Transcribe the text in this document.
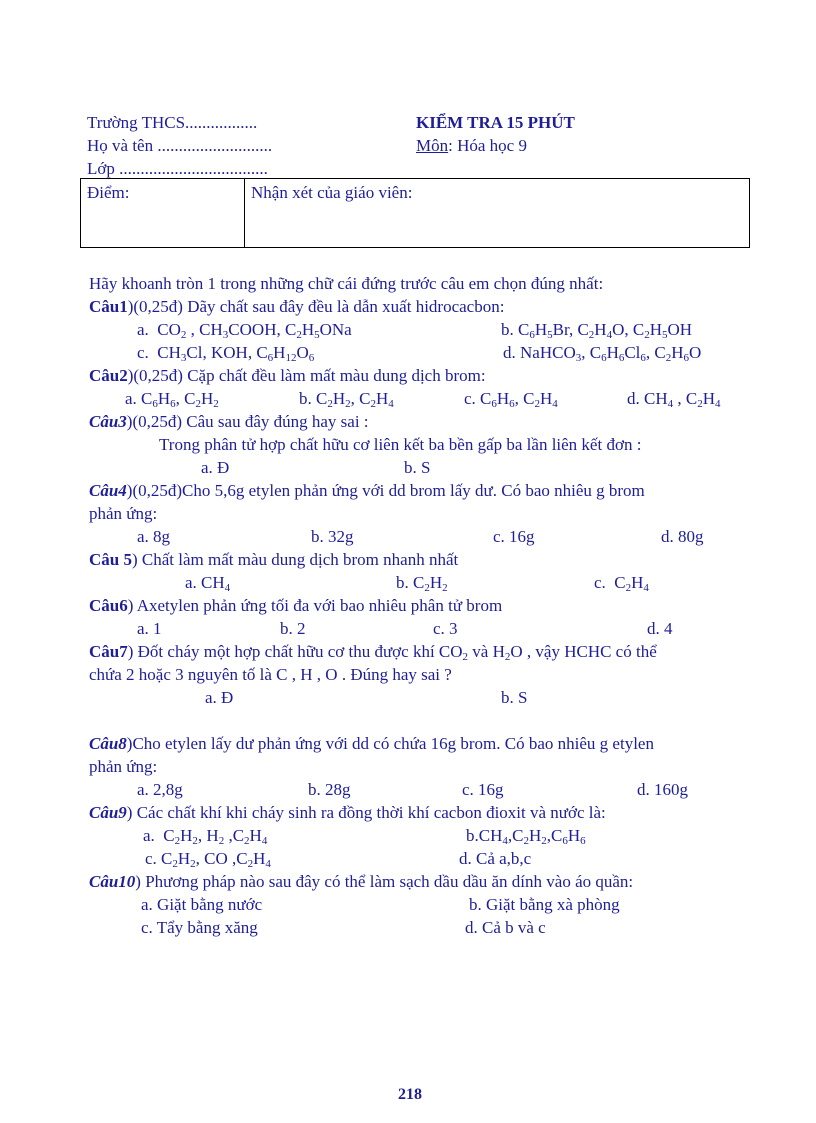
Trường THCS.................
Họ và tên ...........................
Lớp ...................................
KIỂM TRA 15 PHÚT
Môn: Hóa học 9
Điểm:	Nhận xét của giáo viên:
Hãy khoanh tròn 1 trong những chữ cái đứng trước câu em chọn đúng nhất:
Câu1)(0,25đ) Dãy chất sau đây đều là dẫn xuất hidrocacbon:
a.  $CO_2$ , $CH_3COOH$, $C_2H_5ONa$	b. $C_6H_5Br$, $C_2H_4O$, $C_2H_5OH$
c.  $CH_3Cl$, KOH, $C_6H_{12}O_6$	d. NaHCO$_3$, $C_6H_6Cl_6$, $C_2H_6O$
Câu2)(0,25đ) Cặp chất đều làm mất màu dung dịch brom:
a. $C_6H_6$, $C_2H_2$	b. $C_2H_2$, $C_2H_4$	c. $C_6H_6$, $C_2H_4$	d. $CH_4$ , $C_2H_4$
Câu3)(0,25đ) Câu sau đây đúng hay sai :
Trong phân tử hợp chất hữu cơ liên kết ba bền gấp ba lần liên kết đơn :
a. Đ	b. S
Câu4)(0,25đ)Cho 5,6g etylen phản ứng với dd brom lấy dư. Có bao nhiêu g brom
phản ứng:
a. 8g	b. 32g	c. 16g	d. 80g
Câu 5) Chất làm mất màu dung dịch brom nhanh nhất
a. $CH_4$	b. $C_2H_2$	c.  $C_2H_4$
Câu6) Axetylen phản ứng tối đa với bao nhiêu phân tử brom
a. 1	b. 2	c. 3	d. 4
Câu7) Đốt cháy một hợp chất hữu cơ thu được khí $CO_2$ và $H_2O$ , vậy HCHC có thể
chứa 2 hoặc 3 nguyên tố là C , H , O . Đúng hay sai ?
a. Đ	b. S
Câu8)Cho etylen lấy dư phản ứng với dd có chứa 16g brom. Có bao nhiêu g etylen
phản ứng:
a. 2,8g	b. 28g	c. 16g	d. 160g
Câu9) Các chất khí khi cháy sinh ra đồng thời khí cacbon đioxit và nước là:
a.  $C_2H_2$, $H_2$ $,C_2H_4$	$b.CH_4,C_2H_2,C_6H_6$
c. $C_2H_2$, CO $,C_2H_4$	d. Cả a,b,c
Câu10) Phương pháp nào sau đây có thể làm sạch dầu dầu ăn dính vào áo quần:
a. Giặt bằng nước	b. Giặt bằng xà phòng
c. Tẩy bằng xăng	d. Cả b và c
218
